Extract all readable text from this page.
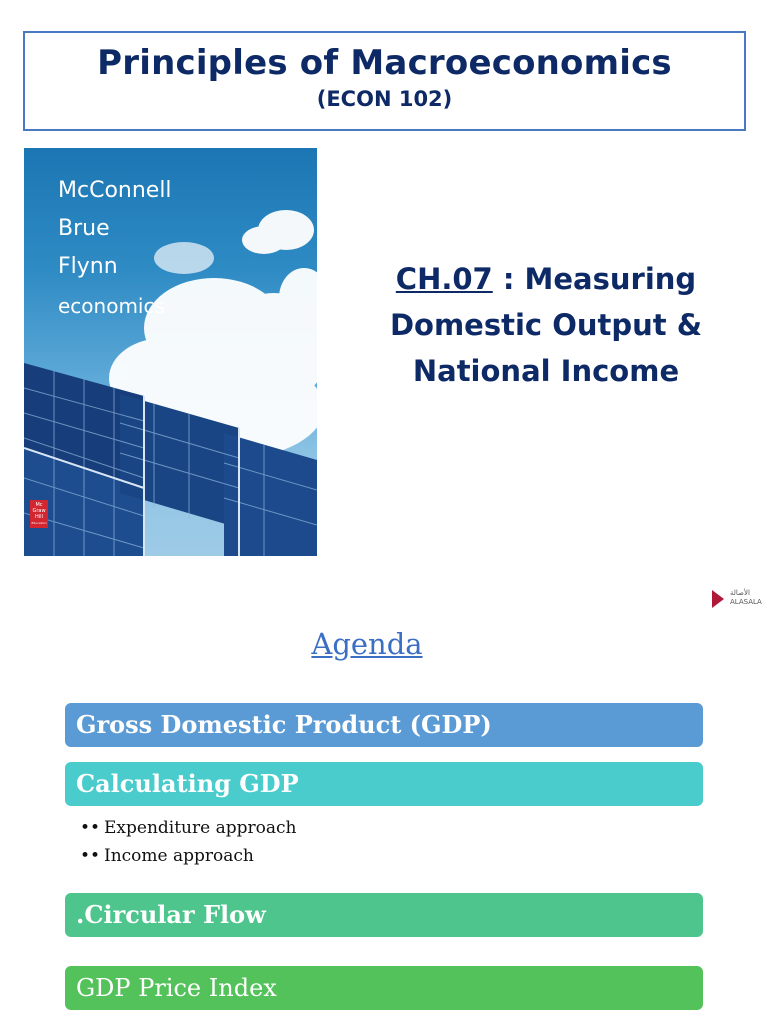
Principles of Macroeconomics
(ECON 102)
McConnell
Brue
Flynn
economics
Mc
Graw
Hill
Education
CH.07 : Measuring
Domestic Output &
National Income
الأصالة
ALASALA
Agenda
Gross Domestic Product (GDP)
Calculating GDP
•• Expenditure approach
•• Income approach
.Circular Flow
GDP Price Index
